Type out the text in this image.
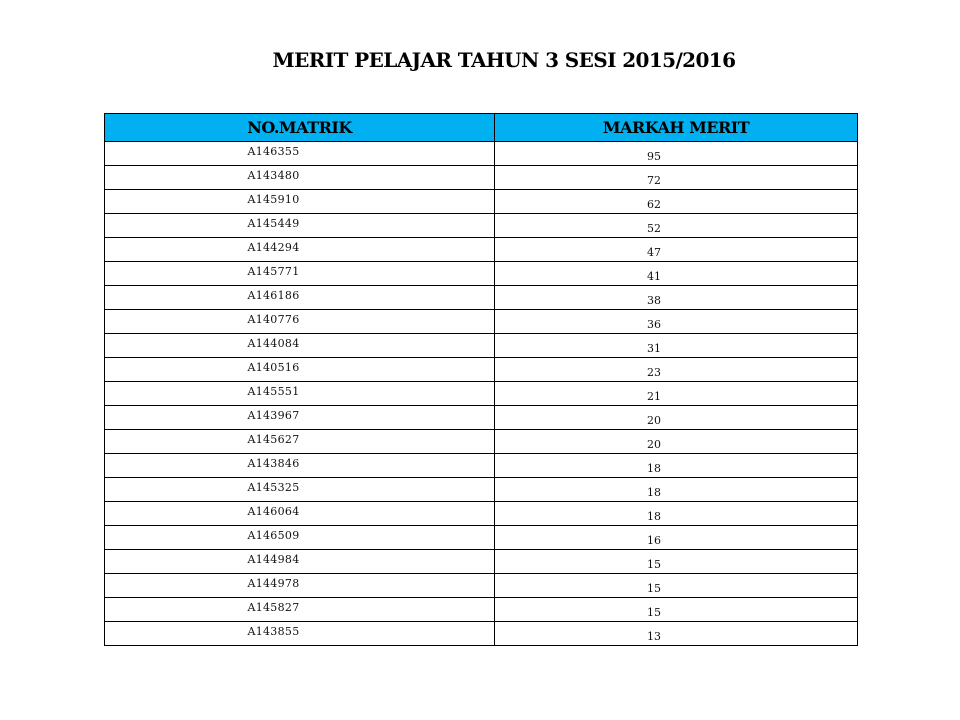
MERIT PELAJAR TAHUN 3 SESI 2015/2016
NO.MATRIK	MARKAH MERIT
A146355	95
A143480	72
A145910	62
A145449	52
A144294	47
A145771	41
A146186	38
A140776	36
A144084	31
A140516	23
A145551	21
A143967	20
A145627	20
A143846	18
A145325	18
A146064	18
A146509	16
A144984	15
A144978	15
A145827	15
A143855	13
